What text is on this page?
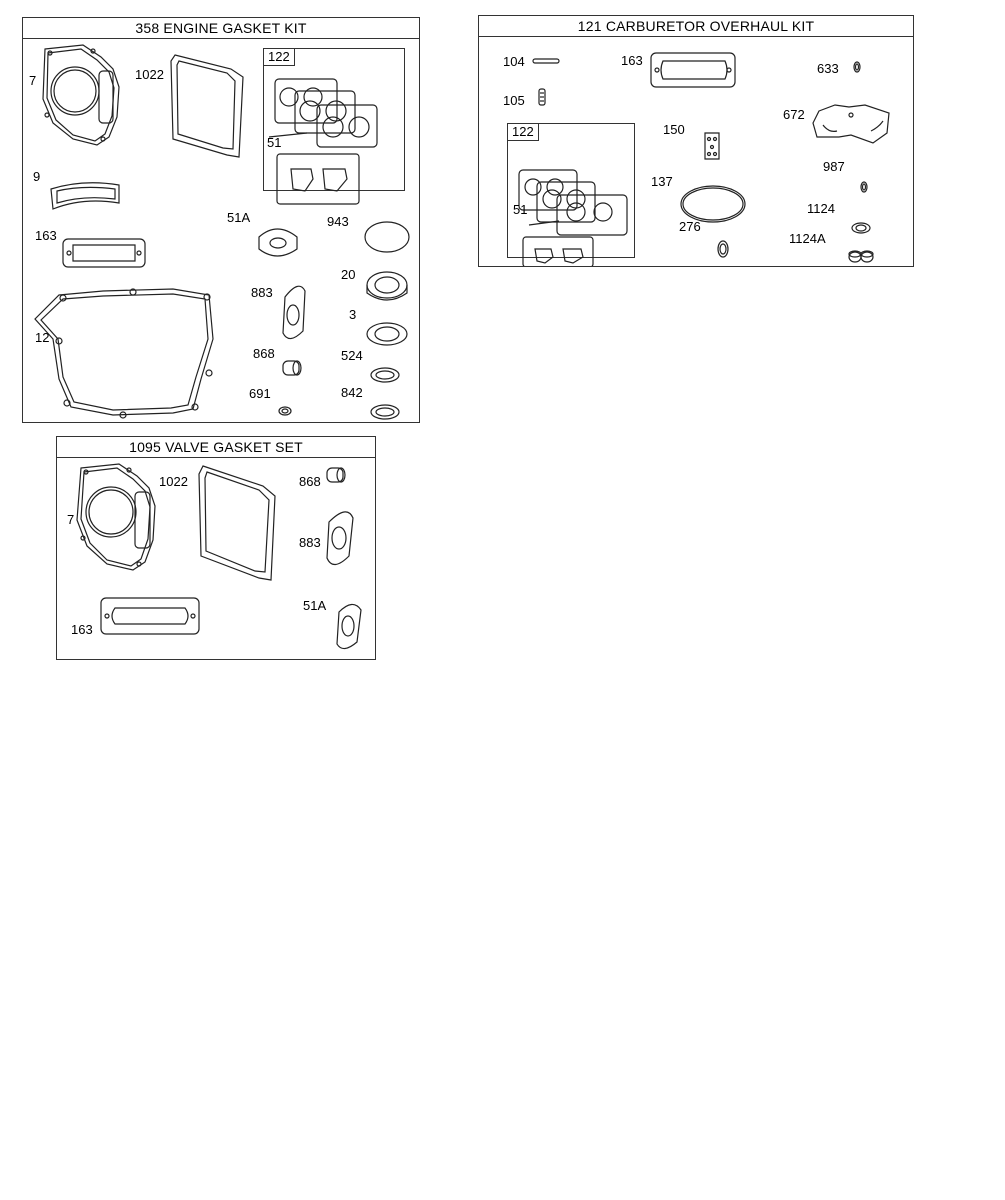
358 ENGINE GASKET KIT
122
7	1022
51
9
163
51A	943
20
883
3
12
868	524
691	842
121 CARBURETOR OVERHAUL KIT
122
104	163
633
105
672
150
987
137
51	1124
276
1124A
1095 VALVE GASKET SET
7
1022	868
883
51A
163
